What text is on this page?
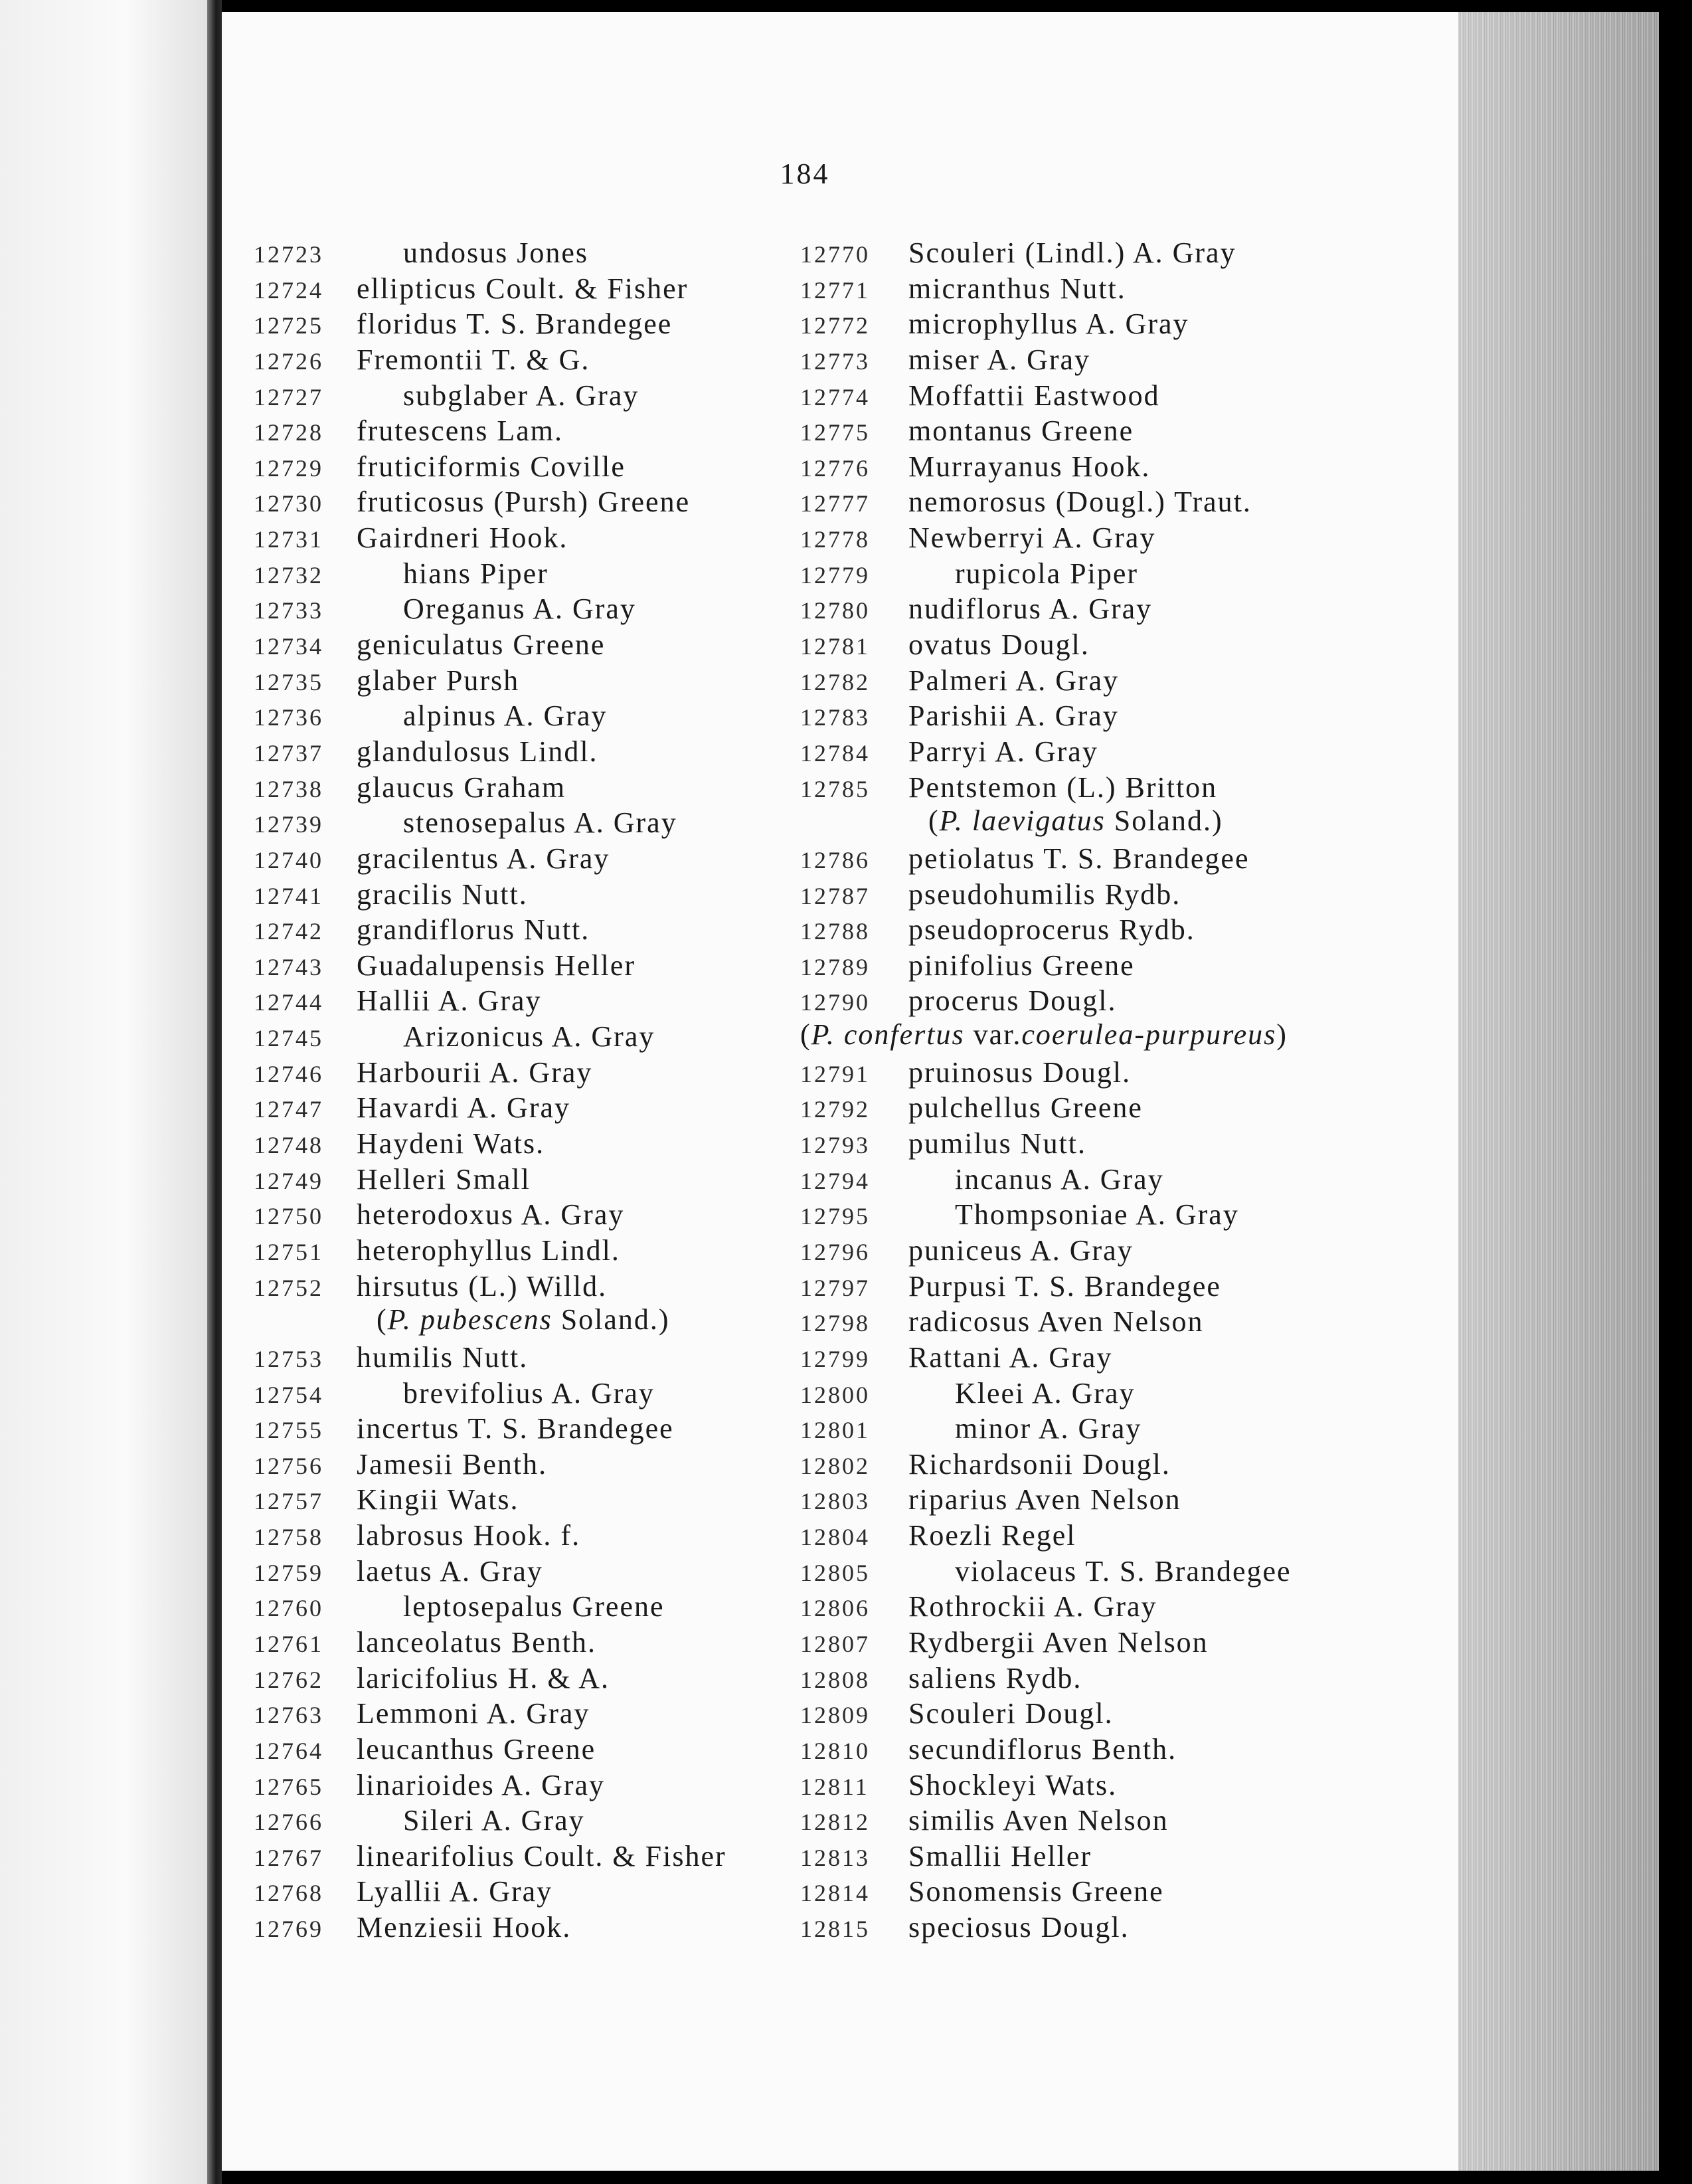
184
12723	undosus Jones
12724	ellipticus Coult. & Fisher
12725	floridus T. S. Brandegee
12726	Fremontii T. & G.
12727	subglaber A. Gray
12728	frutescens Lam.
12729	fruticiformis Coville
12730	fruticosus (Pursh) Greene
12731	Gairdneri Hook.
12732	hians Piper
12733	Oreganus A. Gray
12734	geniculatus Greene
12735	glaber Pursh
12736	alpinus A. Gray
12737	glandulosus Lindl.
12738	glaucus Graham
12739	stenosepalus A. Gray
12740	gracilentus A. Gray
12741	gracilis Nutt.
12742	grandiflorus Nutt.
12743	Guadalupensis Heller
12744	Hallii A. Gray
12745	Arizonicus A. Gray
12746	Harbourii A. Gray
12747	Havardi A. Gray
12748	Haydeni Wats.
12749	Helleri Small
12750	heterodoxus A. Gray
12751	heterophyllus Lindl.
12752	hirsutus (L.) Willd.
(P. pubescens Soland.)
12753	humilis Nutt.
12754	brevifolius A. Gray
12755	incertus T. S. Brandegee
12756	Jamesii Benth.
12757	Kingii Wats.
12758	labrosus Hook. f.
12759	laetus A. Gray
12760	leptosepalus Greene
12761	lanceolatus Benth.
12762	laricifolius H. & A.
12763	Lemmoni A. Gray
12764	leucanthus Greene
12765	linarioides A. Gray
12766	Sileri A. Gray
12767	linearifolius Coult. & Fisher
12768	Lyallii A. Gray
12769	Menziesii Hook.
12770	Scouleri (Lindl.) A. Gray
12771	micranthus Nutt.
12772	microphyllus A. Gray
12773	miser A. Gray
12774	Moffattii Eastwood
12775	montanus Greene
12776	Murrayanus Hook.
12777	nemorosus (Dougl.) Traut.
12778	Newberryi A. Gray
12779	rupicola Piper
12780	nudiflorus A. Gray
12781	ovatus Dougl.
12782	Palmeri A. Gray
12783	Parishii A. Gray
12784	Parryi A. Gray
12785	Pentstemon (L.) Britton
(P. laevigatus Soland.)
12786	petiolatus T. S. Brandegee
12787	pseudohumilis Rydb.
12788	pseudoprocerus Rydb.
12789	pinifolius Greene
12790	procerus Dougl.
(P. confertus var.coerulea-purpureus)
12791	pruinosus Dougl.
12792	pulchellus Greene
12793	pumilus Nutt.
12794	incanus A. Gray
12795	Thompsoniae A. Gray
12796	puniceus A. Gray
12797	Purpusi T. S. Brandegee
12798	radicosus Aven Nelson
12799	Rattani A. Gray
12800	Kleei A. Gray
12801	minor A. Gray
12802	Richardsonii Dougl.
12803	riparius Aven Nelson
12804	Roezli Regel
12805	violaceus T. S. Brandegee
12806	Rothrockii A. Gray
12807	Rydbergii Aven Nelson
12808	saliens Rydb.
12809	Scouleri Dougl.
12810	secundiflorus Benth.
12811	Shockleyi Wats.
12812	similis Aven Nelson
12813	Smallii Heller
12814	Sonomensis Greene
12815	speciosus Dougl.
